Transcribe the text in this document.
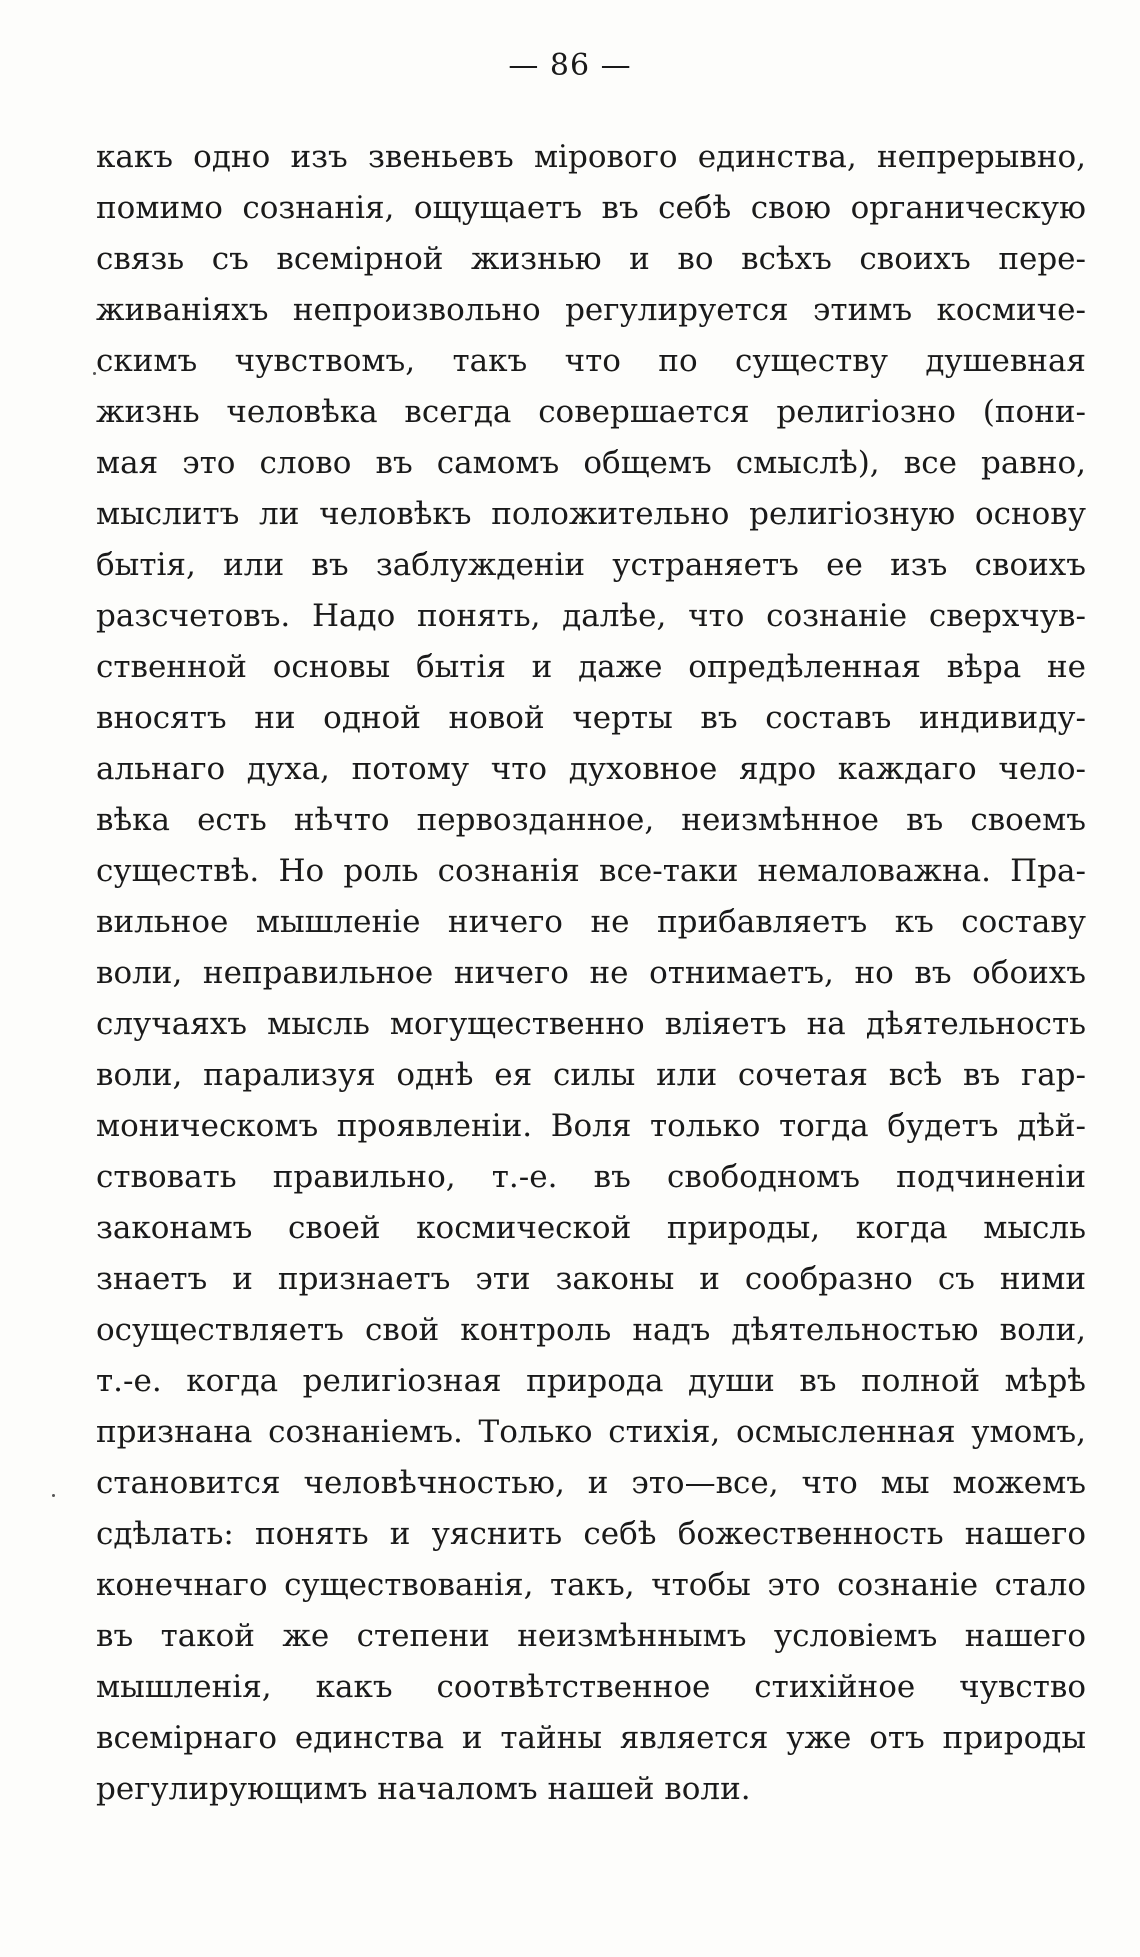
— 86 —
какъ одно изъ звеньевъ мірового единства, непрерывно,
помимо сознанія, ощущаетъ въ себѣ свою органическую
связь съ всемірной жизнью и во всѣхъ своихъ пере-
живаніяхъ непроизвольно регулируется этимъ космиче-
скимъ чувствомъ, такъ что по существу душевная
жизнь человѣка всегда совершается религіозно (пони-
мая это слово въ самомъ общемъ смыслѣ), все равно,
мыслитъ ли человѣкъ положительно религіозную основу
бытія, или въ заблужденіи устраняетъ ее изъ своихъ
разсчетовъ. Надо понять, далѣе, что сознаніе сверхчув-
ственной основы бытія и даже опредѣленная вѣра не
вносятъ ни одной новой черты въ составъ индивиду-
альнаго духа, потому что духовное ядро каждаго чело-
вѣка есть нѣчто первозданное, неизмѣнное въ своемъ
существѣ. Но роль сознанія все-таки немаловажна. Пра-
вильное мышленіе ничего не прибавляетъ къ составу
воли, неправильное ничего не отнимаетъ, но въ обоихъ
случаяхъ мысль могущественно вліяетъ на дѣятельность
воли, парализуя однѣ ея силы или сочетая всѣ въ гар-
моническомъ проявленіи. Воля только тогда будетъ дѣй-
ствовать правильно, т.-е. въ свободномъ подчиненіи
законамъ своей космической природы, когда мысль
знаетъ и признаетъ эти законы и сообразно съ ними
осуществляетъ свой контроль надъ дѣятельностью воли,
т.-е. когда религіозная природа души въ полной мѣрѣ
признана сознаніемъ. Только стихія, осмысленная умомъ,
становится человѣчностью, и это—все, что мы можемъ
сдѣлать: понять и уяснить себѣ божественность нашего
конечнаго существованія, такъ, чтобы это сознаніе стало
въ такой же степени неизмѣннымъ условіемъ нашего
мышленія, какъ соотвѣтственное стихійное чувство
всемірнаго единства и тайны является уже отъ природы
регулирующимъ началомъ нашей воли.
